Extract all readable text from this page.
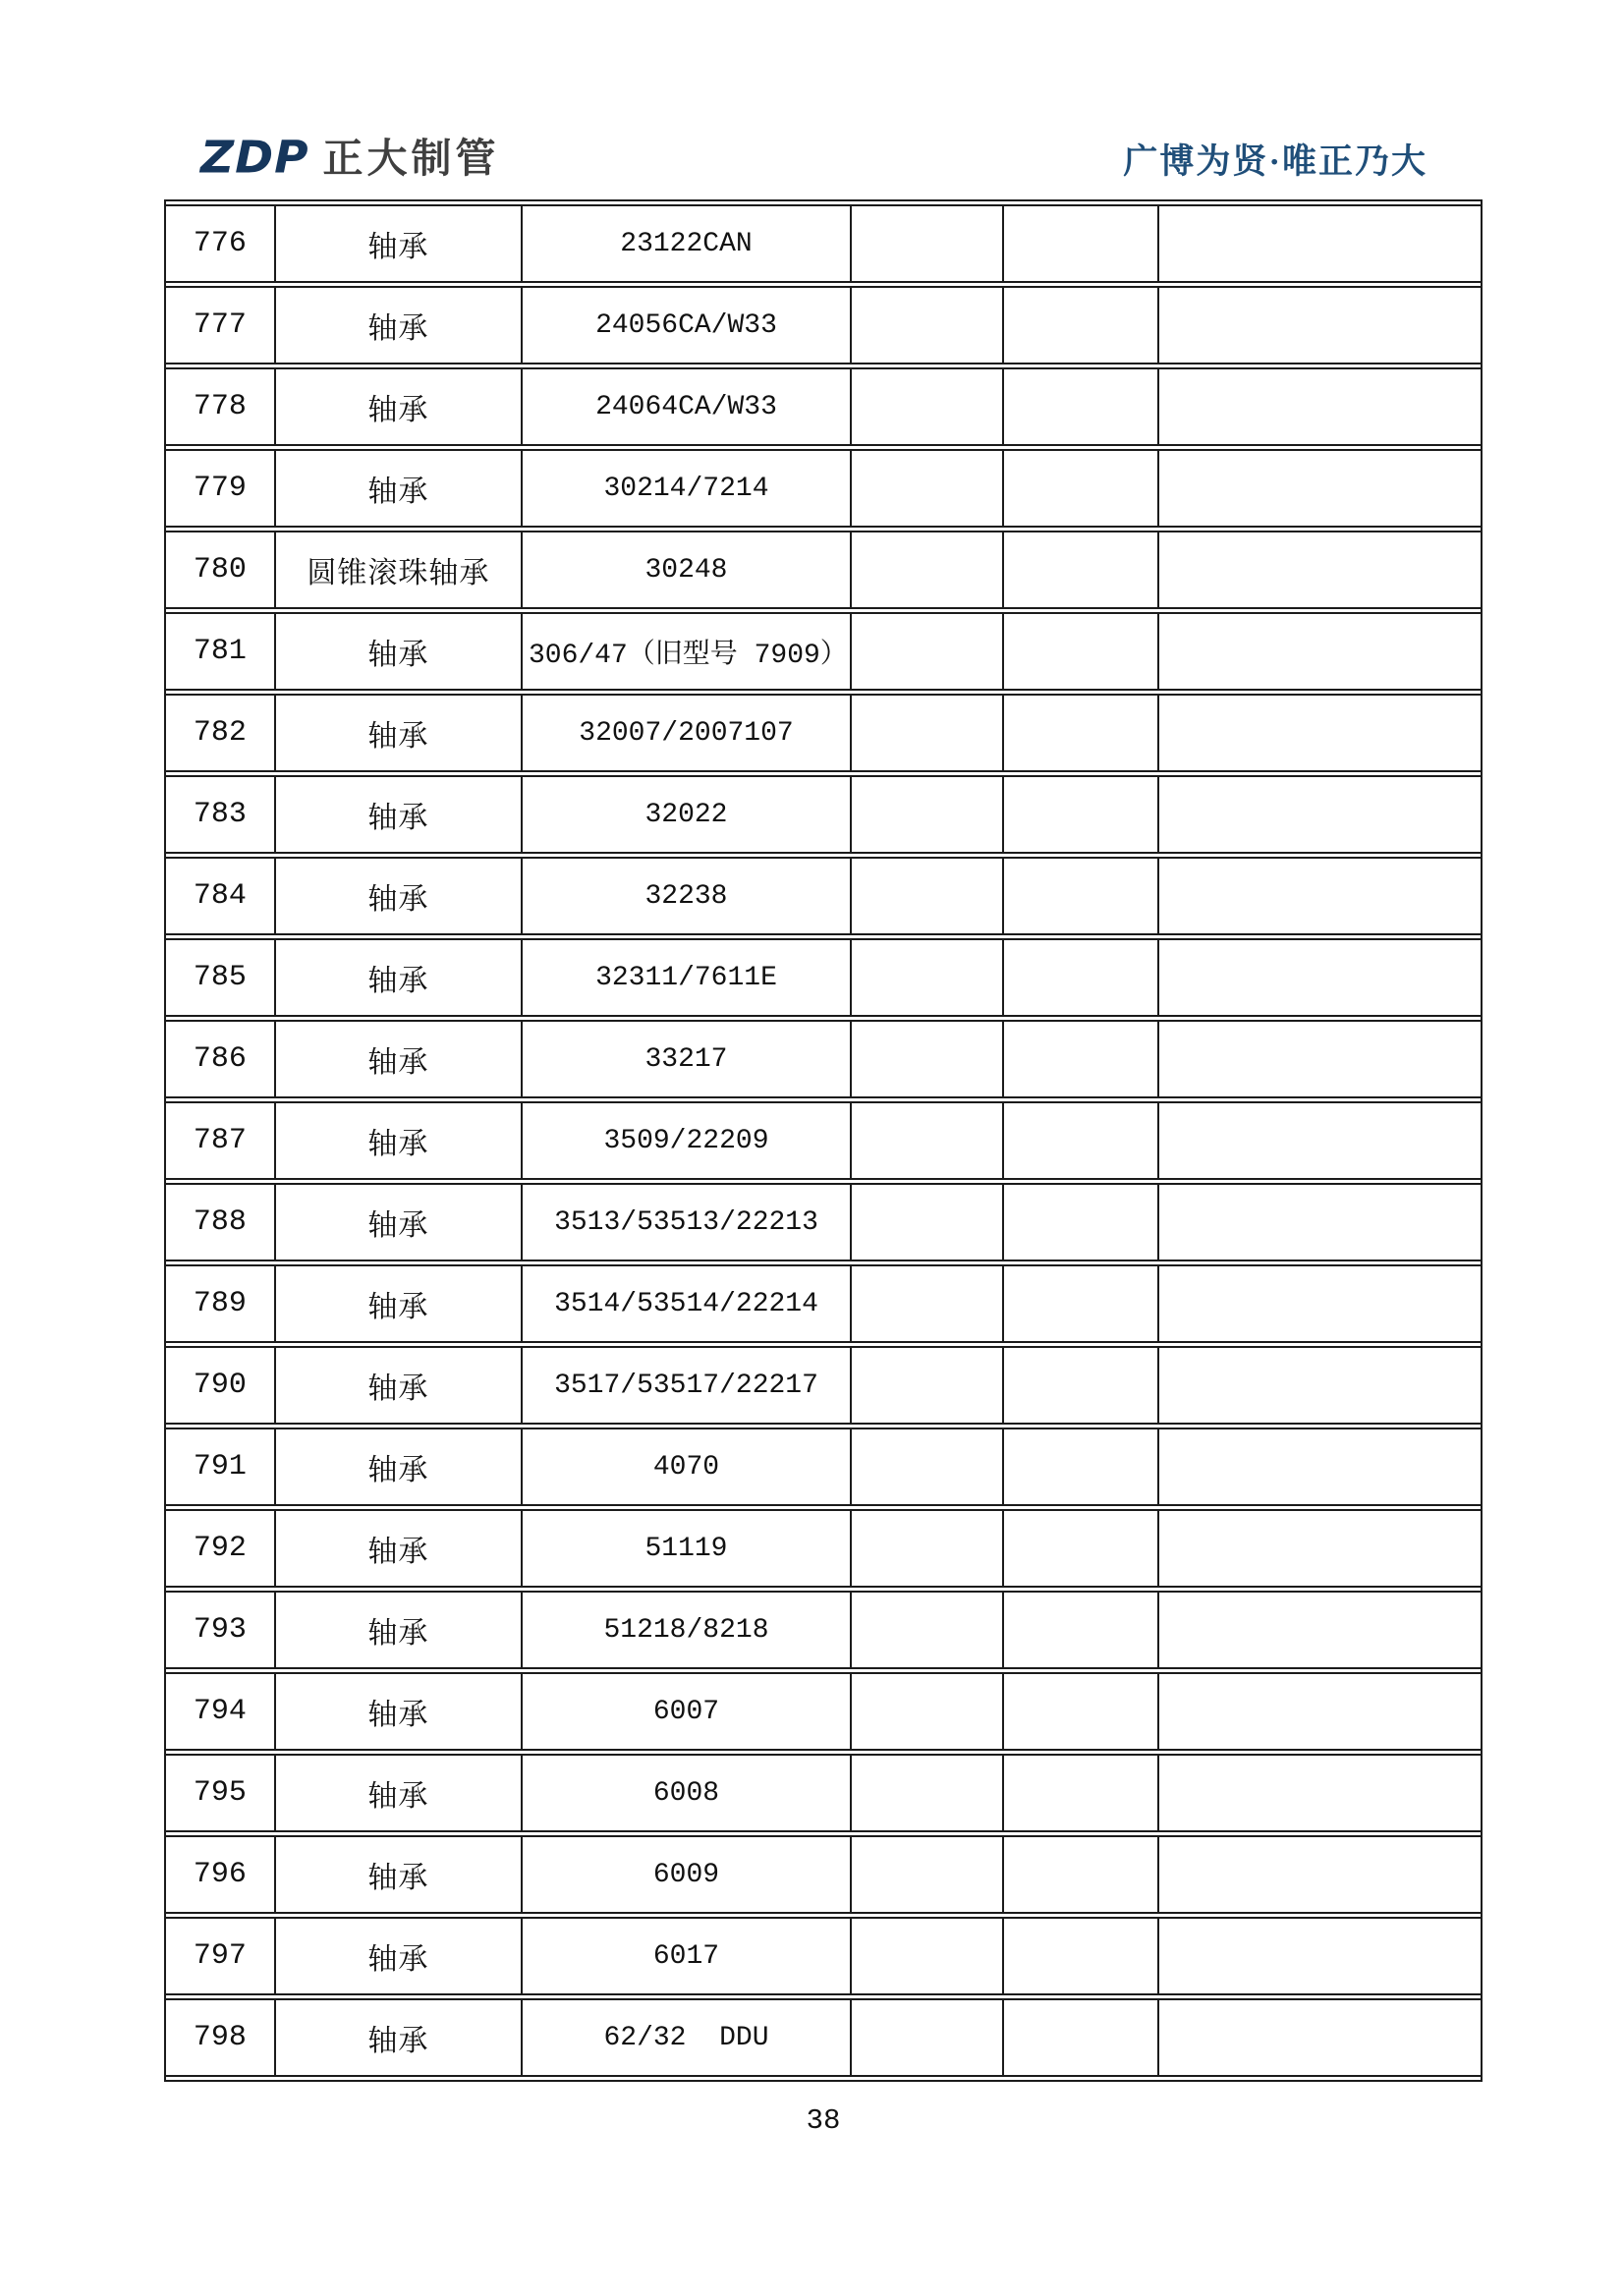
ZDP 正大制管	广博为贤·唯正乃大
776	轴承	23122CAN			
777	轴承	24056CA/W33			
778	轴承	24064CA/W33			
779	轴承	30214/7214			
780	圆锥滚珠轴承	30248			
781	轴承	306/47（旧型号 7909）			
782	轴承	32007/2007107			
783	轴承	32022			
784	轴承	32238			
785	轴承	32311/7611E			
786	轴承	33217			
787	轴承	3509/22209			
788	轴承	3513/53513/22213			
789	轴承	3514/53514/22214			
790	轴承	3517/53517/22217			
791	轴承	4070			
792	轴承	51119			
793	轴承	51218/8218			
794	轴承	6007			
795	轴承	6008			
796	轴承	6009			
797	轴承	6017			
798	轴承	62/32  DDU			
38
